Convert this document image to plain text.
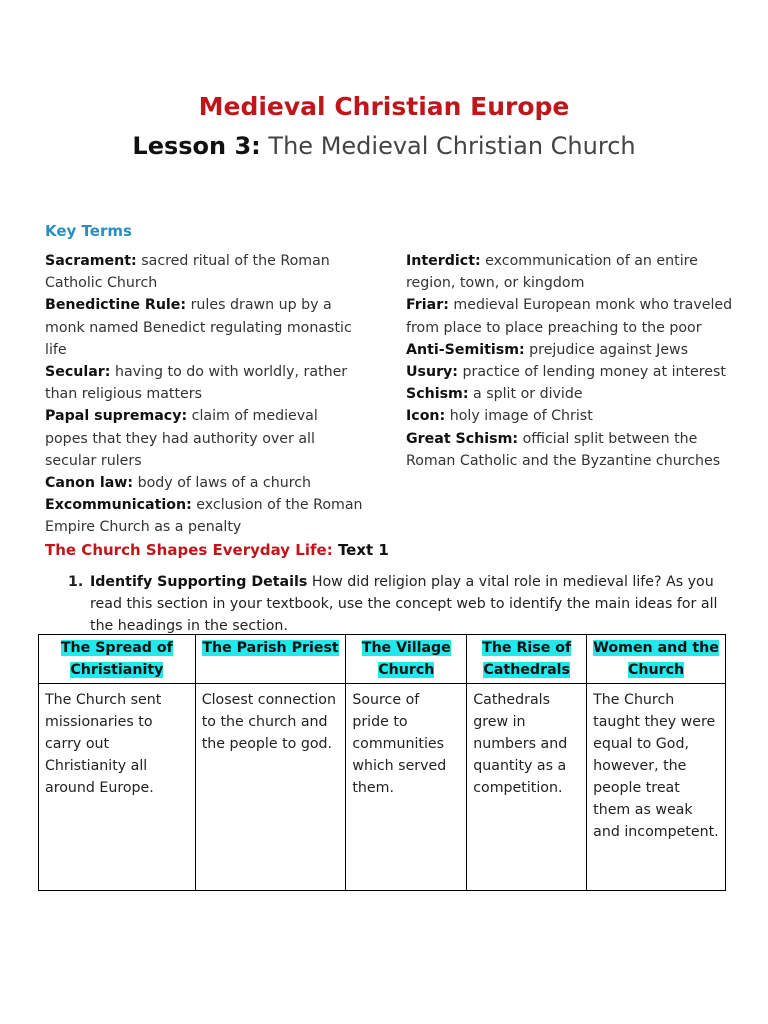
Medieval Christian Europe
Lesson 3: The Medieval Christian Church
Key Terms

Sacrament: sacred ritual of the Roman Catholic Church

Benedictine Rule: rules drawn up by a monk named Benedict regulating monastic life

Secular: having to do with worldly, rather than religious matters

Papal supremacy: claim of medieval popes that they had authority over all secular rulers

Canon law: body of laws of a church

Excommunication: exclusion of the Roman Empire Church as a penalty

Interdict: excommunication of an entire region, town, or kingdom

Friar: medieval European monk who traveled from place to place preaching to the poor

Anti-Semitism: prejudice against Jews

Usury: practice of lending money at interest

Schism: a split or divide

Icon: holy image of Christ

Great Schism: official split between the Roman Catholic and the Byzantine churches

The Church Shapes Everyday Life: Text 1
1. Identify Supporting Details How did religion play a vital role in medieval life? As you read this section in your textbook, use the concept web to identify the main ideas for all the headings in the section.
The Spread of Christianity	The Parish Priest	The Village Church	The Rise of Cathedrals	Women and the Church
The Church sent missionaries to carry out Christianity all around Europe.	Closest connection to the church and the people to god.	Source of pride to communities which served them.	Cathedrals grew in numbers and quantity as a competition.	The Church taught they were equal to God, however, the people treat them as weak and incompetent.
